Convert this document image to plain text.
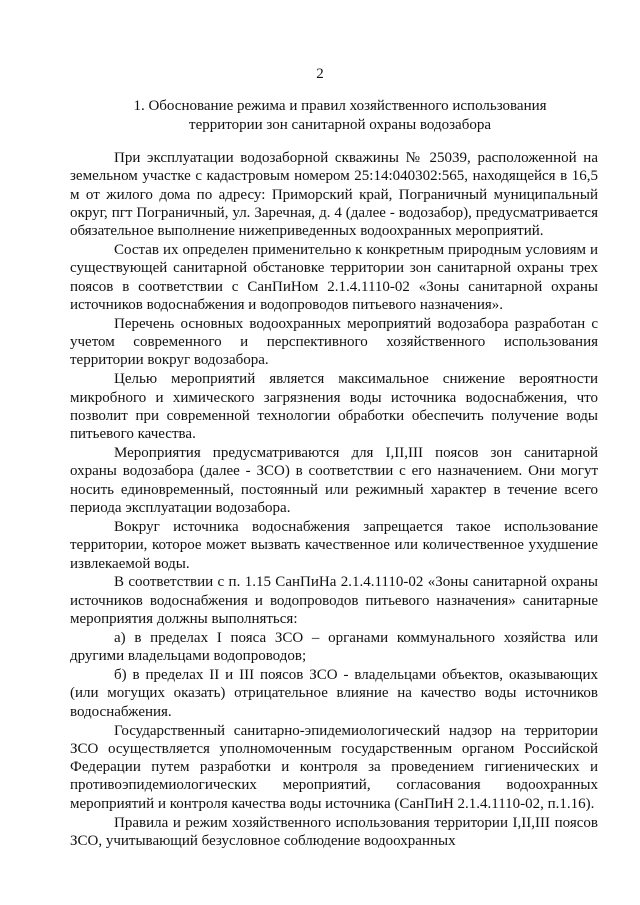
2
1. Обоснование режима и правил хозяйственного использования
территории зон санитарной охраны водозабора

При эксплуатации водозаборной скважины № 25039, расположенной на земельном участке с кадастровым номером 25:14:040302:565, находящейся в 16,5 м от жилого дома по адресу: Приморский край, Пограничный муниципальный округ, пгт Пограничный, ул. Заречная, д. 4 (далее - водозабор), предусматривается обязательное выполнение нижеприведенных водоохранных мероприятий.

Состав их определен применительно к конкретным природным условиям и существующей санитарной обстановке территории зон санитарной охраны трех поясов в соответствии с СанПиНом 2.1.4.1110-02 «Зоны санитарной охраны источников водоснабжения и водопроводов питьевого назначения».

Перечень основных водоохранных мероприятий водозабора разработан с учетом современного и перспективного хозяйственного использования территории вокруг водозабора.

Целью мероприятий является максимальное снижение вероятности микробного и химического загрязнения воды источника водоснабжения, что позволит при современной технологии обработки обеспечить получение воды питьевого качества.

Мероприятия предусматриваются для I,II,III поясов зон санитарной охраны водозабора (далее - ЗСО) в соответствии с его назначением. Они могут носить единовременный, постоянный или режимный характер в течение всего периода эксплуатации водозабора.

Вокруг источника водоснабжения запрещается такое использование территории, которое может вызвать качественное или количественное ухудшение извлекаемой воды.

В соответствии с п. 1.15 СанПиНа 2.1.4.1110-02 «Зоны санитарной охраны источников водоснабжения и водопроводов питьевого назначения» санитарные мероприятия должны выполняться:

а) в пределах I пояса ЗСО – органами коммунального хозяйства или другими владельцами водопроводов;

б) в пределах II и III поясов ЗСО - владельцами объектов, оказывающих (или могущих оказать) отрицательное влияние на качество воды источников водоснабжения.

Государственный санитарно-эпидемиологический надзор на территории ЗСО осуществляется уполномоченным государственным органом Российской Федерации путем разработки и контроля за проведением гигиенических и противоэпидемиологических мероприятий, согласования водоохранных мероприятий и контроля качества воды источника (СанПиН 2.1.4.1110-02, п.1.16).

Правила и режим хозяйственного использования территории I,II,III поясов ЗСО, учитывающий безусловное соблюдение водоохранных
